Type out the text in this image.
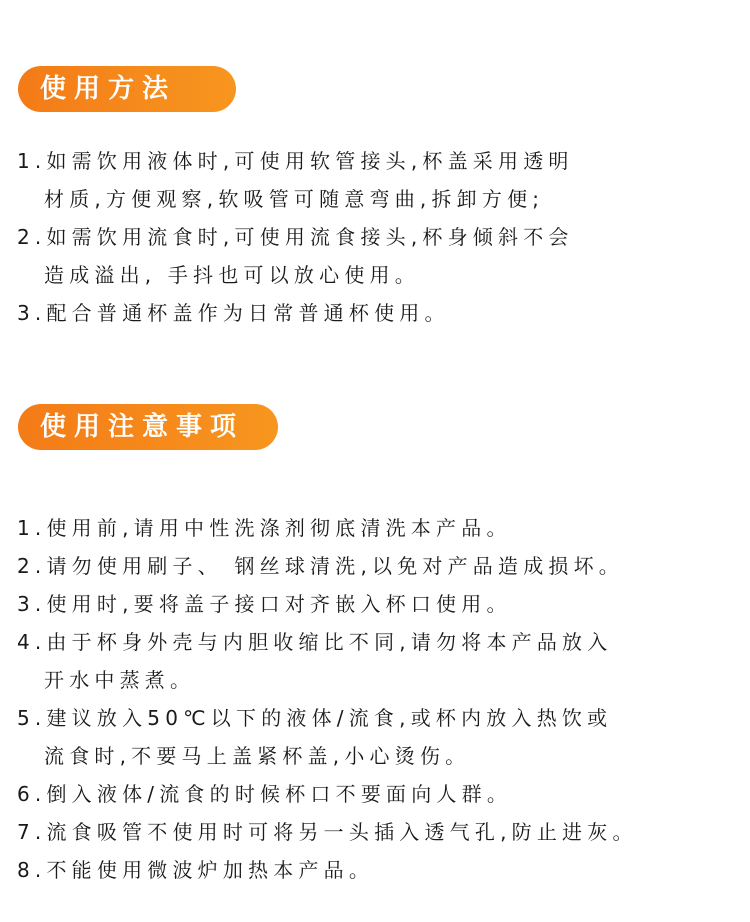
使用方法
1.如需饮用液体时,可使用软管接头,杯盖采用透明
材质,方便观察,软吸管可随意弯曲,拆卸方便;
2.如需饮用流食时,可使用流食接头,杯身倾斜不会
造成溢出, 手抖也可以放心使用。
3.配合普通杯盖作为日常普通杯使用。
使用注意事项
1.使用前,请用中性洗涤剂彻底清洗本产品。
2.请勿使用刷子、 钢丝球清洗,以免对产品造成损坏。
3.使用时,要将盖子接口对齐嵌入杯口使用。
4.由于杯身外壳与内胆收缩比不同,请勿将本产品放入
开水中蒸煮。
5.建议放入50℃以下的液体/流食,或杯内放入热饮或
流食时,不要马上盖紧杯盖,小心烫伤。
6.倒入液体/流食的时候杯口不要面向人群。
7.流食吸管不使用时可将另一头插入透气孔,防止进灰。
8.不能使用微波炉加热本产品。
